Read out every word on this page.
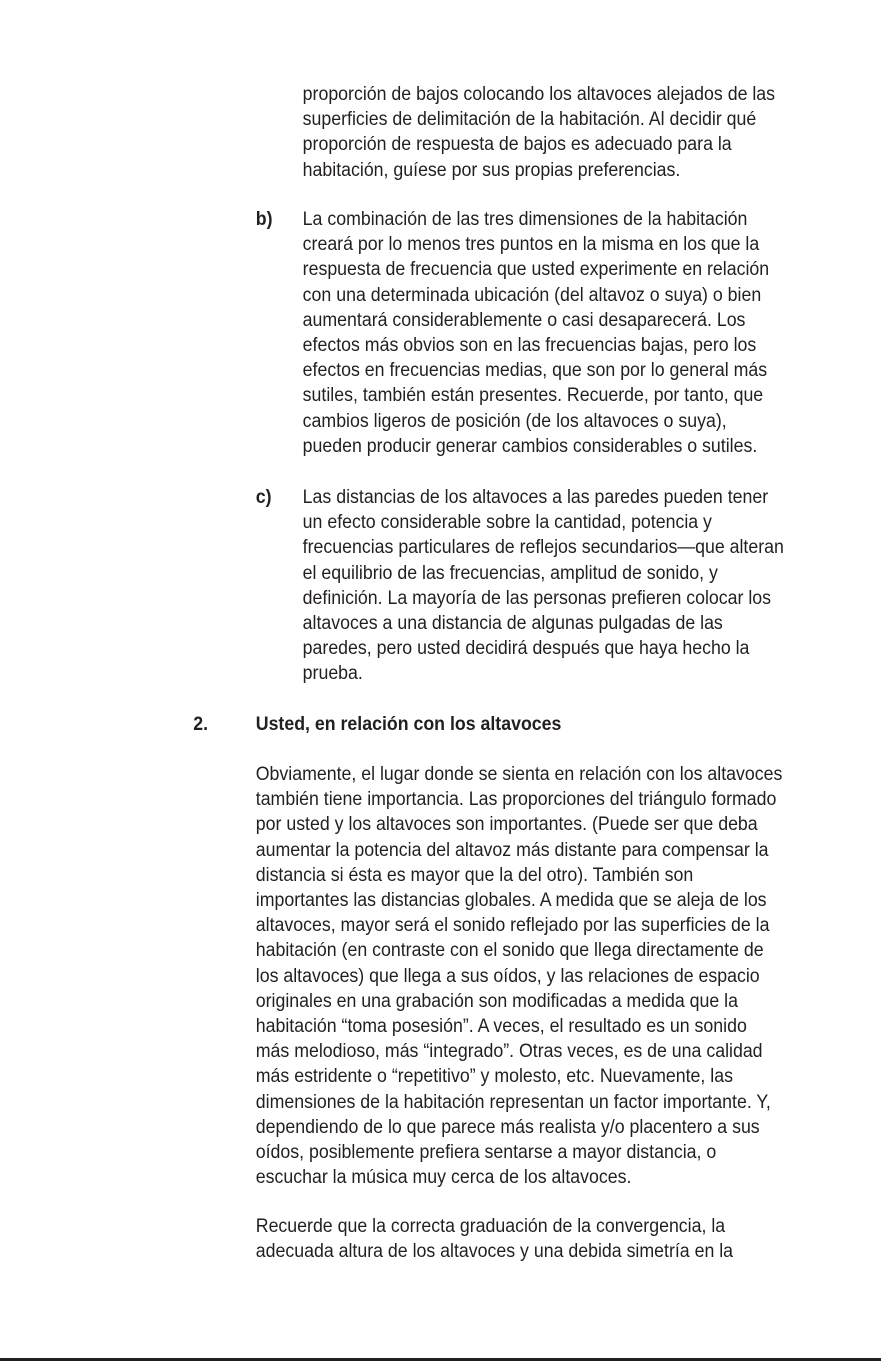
proporción de bajos colocando los altavoces alejados de las
superficies de delimitación de la habitación. Al decidir qué
proporción de respuesta de bajos es adecuado para la
habitación, guíese por sus propias preferencias.
b) La combinación de las tres dimensiones de la habitación
creará por lo menos tres puntos en la misma en los que la
respuesta de frecuencia que usted experimente en relación
con una determinada ubicación (del altavoz o suya) o bien
aumentará considerablemente o casi desaparecerá. Los
efectos más obvios son en las frecuencias bajas, pero los
efectos en frecuencias medias, que son por lo general más
sutiles, también están presentes. Recuerde, por tanto, que
cambios ligeros de posición (de los altavoces o suya),
pueden producir generar cambios considerables o sutiles.
c) Las distancias de los altavoces a las paredes pueden tener
un efecto considerable sobre la cantidad, potencia y
frecuencias particulares de reflejos secundarios—que alteran
el equilibrio de las frecuencias, amplitud de sonido, y
definición. La mayoría de las personas prefieren colocar los
altavoces a una distancia de algunas pulgadas de las
paredes, pero usted decidirá después que haya hecho la
prueba.
2. Usted, en relación con los altavoces
Obviamente, el lugar donde se sienta en relación con los altavoces
también tiene importancia. Las proporciones del triángulo formado
por usted y los altavoces son importantes. (Puede ser que deba
aumentar la potencia del altavoz más distante para compensar la
distancia si ésta es mayor que la del otro). También son
importantes las distancias globales. A medida que se aleja de los
altavoces, mayor será el sonido reflejado por las superficies de la
habitación (en contraste con el sonido que llega directamente de
los altavoces) que llega a sus oídos, y las relaciones de espacio
originales en una grabación son modificadas a medida que la
habitación “toma posesión”. A veces, el resultado es un sonido
más melodioso, más “integrado”. Otras veces, es de una calidad
más estridente o “repetitivo” y molesto, etc. Nuevamente, las
dimensiones de la habitación representan un factor importante. Y,
dependiendo de lo que parece más realista y/o placentero a sus
oídos, posiblemente prefiera sentarse a mayor distancia, o
escuchar la música muy cerca de los altavoces.
Recuerde que la correcta graduación de la convergencia, la
adecuada altura de los altavoces y una debida simetría en la
